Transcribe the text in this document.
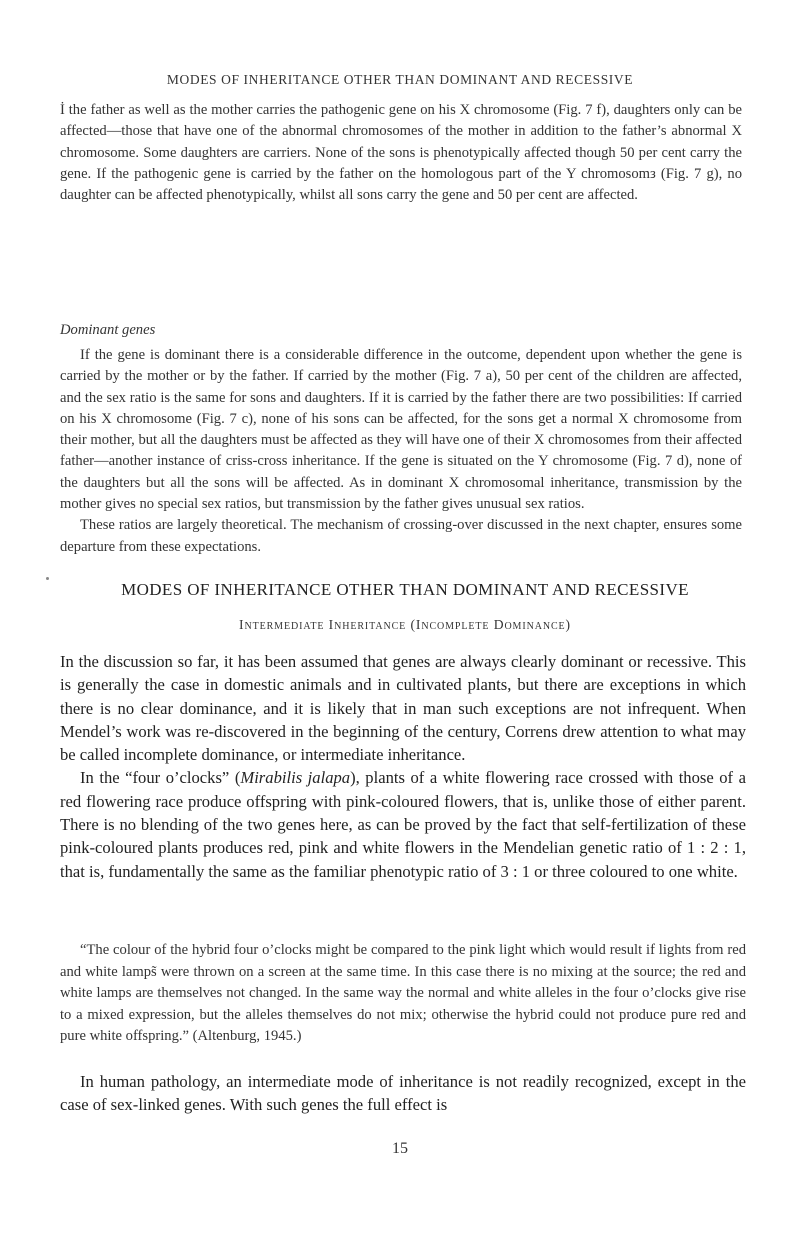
MODES OF INHERITANCE OTHER THAN DOMINANT AND RECESSIVE

İ the father as well as the mother carries the pathogenic gene on his X chromosome (Fig. 7 f), daughters only can be affected—those that have one of the abnormal chromosomes of the mother in addition to the father’s abnormal X chromosome. Some daughters are carriers. None of the sons is phenotypically affected though 50 per cent carry the gene. If the pathogenic gene is carried by the father on the homologous part of the Y chromosomз (Fig. 7 g), no daughter can be affected phenotypically, whilst all sons carry the gene and 50 per cent are affected.

Dominant genes

If the gene is dominant there is a considerable difference in the outcome, dependent upon whether the gene is carried by the mother or by the father. If carried by the mother (Fig. 7 a), 50 per cent of the children are affected, and the sex ratio is the same for sons and daughters. If it is carried by the father there are two possibilities: If carried on his X chromosome (Fig. 7 c), none of his sons can be affected, for the sons get a normal X chromosome from their mother, but all the daughters must be affected as they will have one of their X chromosomes from their affected father—another instance of criss-cross inheritance. If the gene is situated on the Y chromosome (Fig. 7 d), none of the daughters but all the sons will be affected. As in dominant X chromosomal inheritance, transmission by the mother gives no special sex ratios, but transmission by the father gives unusual sex ratios.

These ratios are largely theoretical. The mechanism of crossing-over discussed in the next chapter, ensures some departure from these expectations.

MODES OF INHERITANCE OTHER THAN DOMINANT AND RECESSIVE
Intermediate Inheritance (Incomplete Dominance)

In the discussion so far, it has been assumed that genes are always clearly dominant or recessive. This is generally the case in domestic animals and in cultivated plants, but there are exceptions in which there is no clear dominance, and it is likely that in man such exceptions are not infrequent. When Mendel’s work was re-discovered in the beginning of the century, Correns drew attention to what may be called incomplete dominance, or intermediate inheritance.

In the “four o’clocks” (Mirabilis jalapa), plants of a white flowering race crossed with those of a red flowering race produce offspring with pink-coloured flowers, that is, unlike those of either parent. There is no blending of the two genes here, as can be proved by the fact that self-fertilization of these pink-coloured plants produces red, pink and white flowers in the Mendelian genetic ratio of 1 : 2 : 1, that is, fundamentally the same as the familiar phenotypic ratio of 3 : 1 or three coloured to one white.

“The colour of the hybrid four o’clocks might be compared to the pink light which would result if lights from red and white lamps̃ were thrown on a screen at the same time. In this case there is no mixing at the source; the red and white lamps are themselves not changed. In the same way the normal and white alleles in the four o’clocks give rise to a mixed expression, but the alleles themselves do not mix; otherwise the hybrid could not produce pure red and pure white offspring.” (Altenburg, 1945.)

In human pathology, an intermediate mode of inheritance is not readily recognized, except in the case of sex-linked genes. With such genes the full effect is

15
